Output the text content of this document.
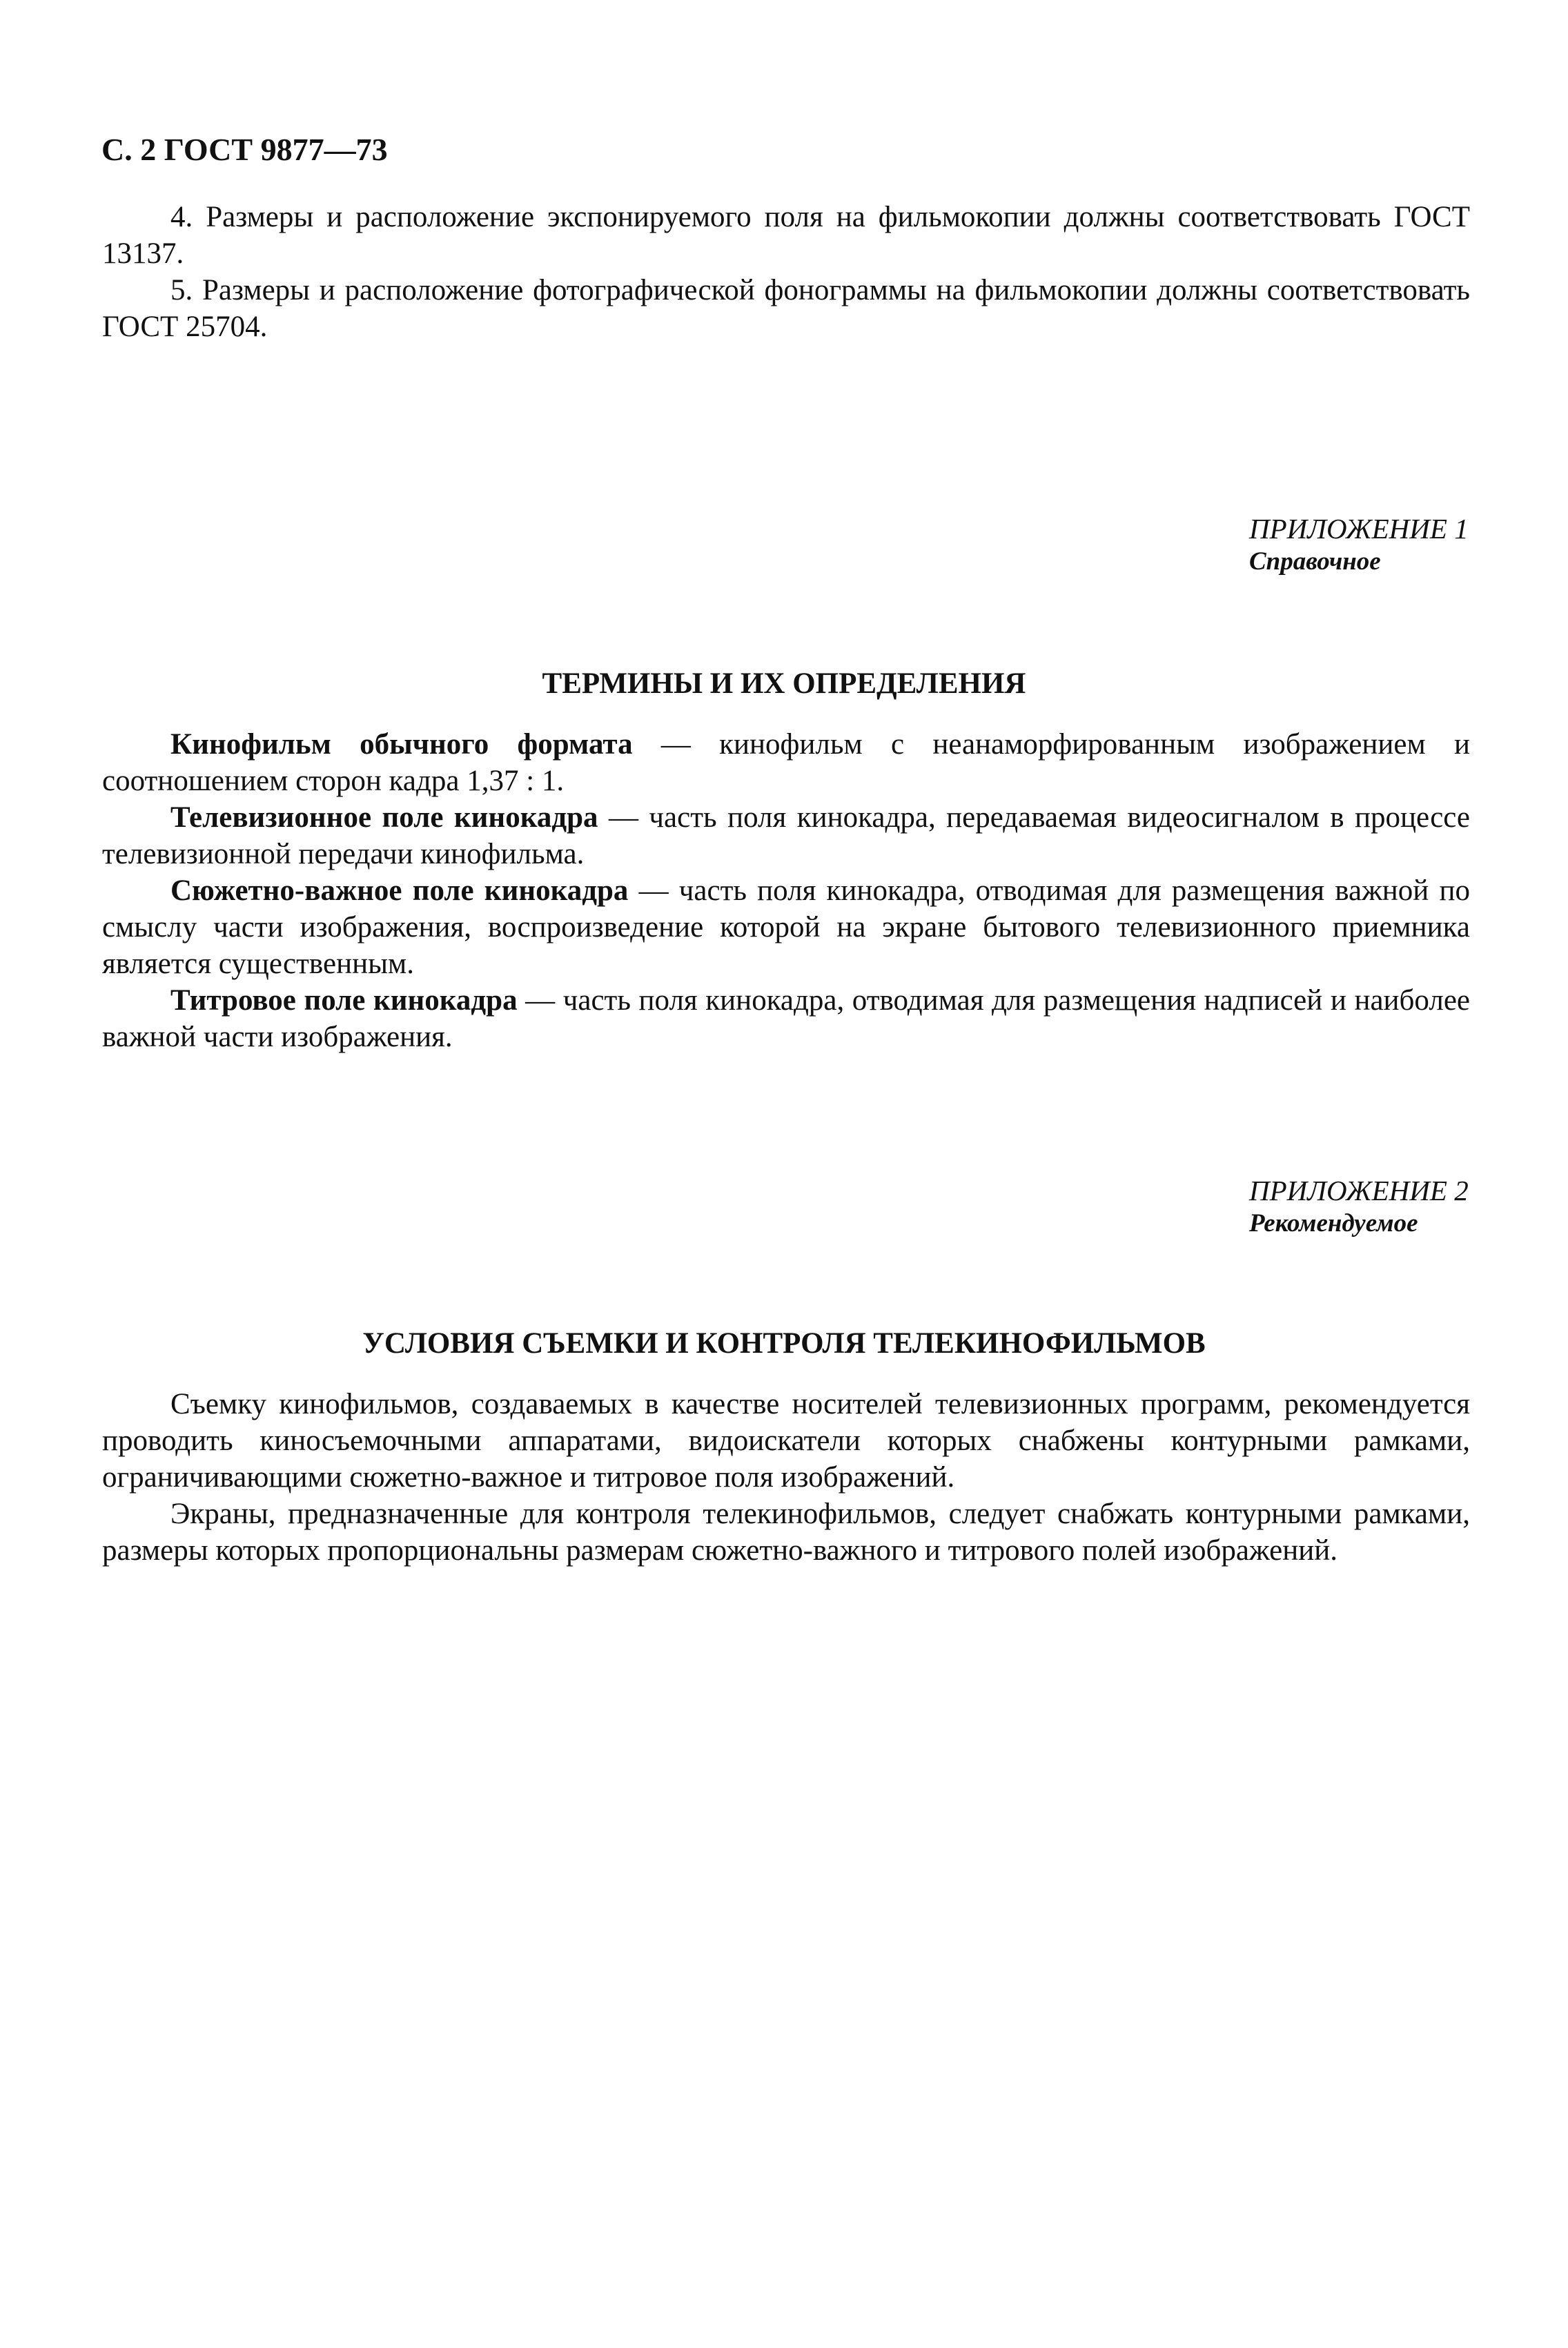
С. 2 ГОСТ 9877—73

4. Размеры и расположение экспонируемого поля на фильмокопии должны соответствовать ГОСТ 13137.

5. Размеры и расположение фотографической фонограммы на фильмокопии должны соответствовать ГОСТ 25704.

ПРИЛОЖЕНИЕ 1
Справочное
ТЕРМИНЫ И ИХ ОПРЕДЕЛЕНИЯ

Кинофильм обычного формата — кинофильм с неанаморфированным изображением и соотношением сторон кадра 1,37 : 1.

Телевизионное поле кинокадра — часть поля кинокадра, передаваемая видеосигналом в процессе телевизионной передачи кинофильма.

Сюжетно-важное поле кинокадра — часть поля кинокадра, отводимая для размещения важной по смыслу части изображения, воспроизведение которой на экране бытового телевизионного приемника является существенным.

Титровое поле кинокадра — часть поля кинокадра, отводимая для размещения надписей и наиболее важной части изображения.

ПРИЛОЖЕНИЕ 2
Рекомендуемое
УСЛОВИЯ СЪЕМКИ И КОНТРОЛЯ ТЕЛЕКИНОФИЛЬМОВ

Съемку кинофильмов, создаваемых в качестве носителей телевизионных программ, рекомендуется проводить киносъемочными аппаратами, видоискатели которых снабжены контурными рамками, ограничивающими сюжетно-важное и титровое поля изображений.

Экраны, предназначенные для контроля телекинофильмов, следует снабжать контурными рамками, размеры которых пропорциональны размерам сюжетно-важного и титрового полей изображений.
